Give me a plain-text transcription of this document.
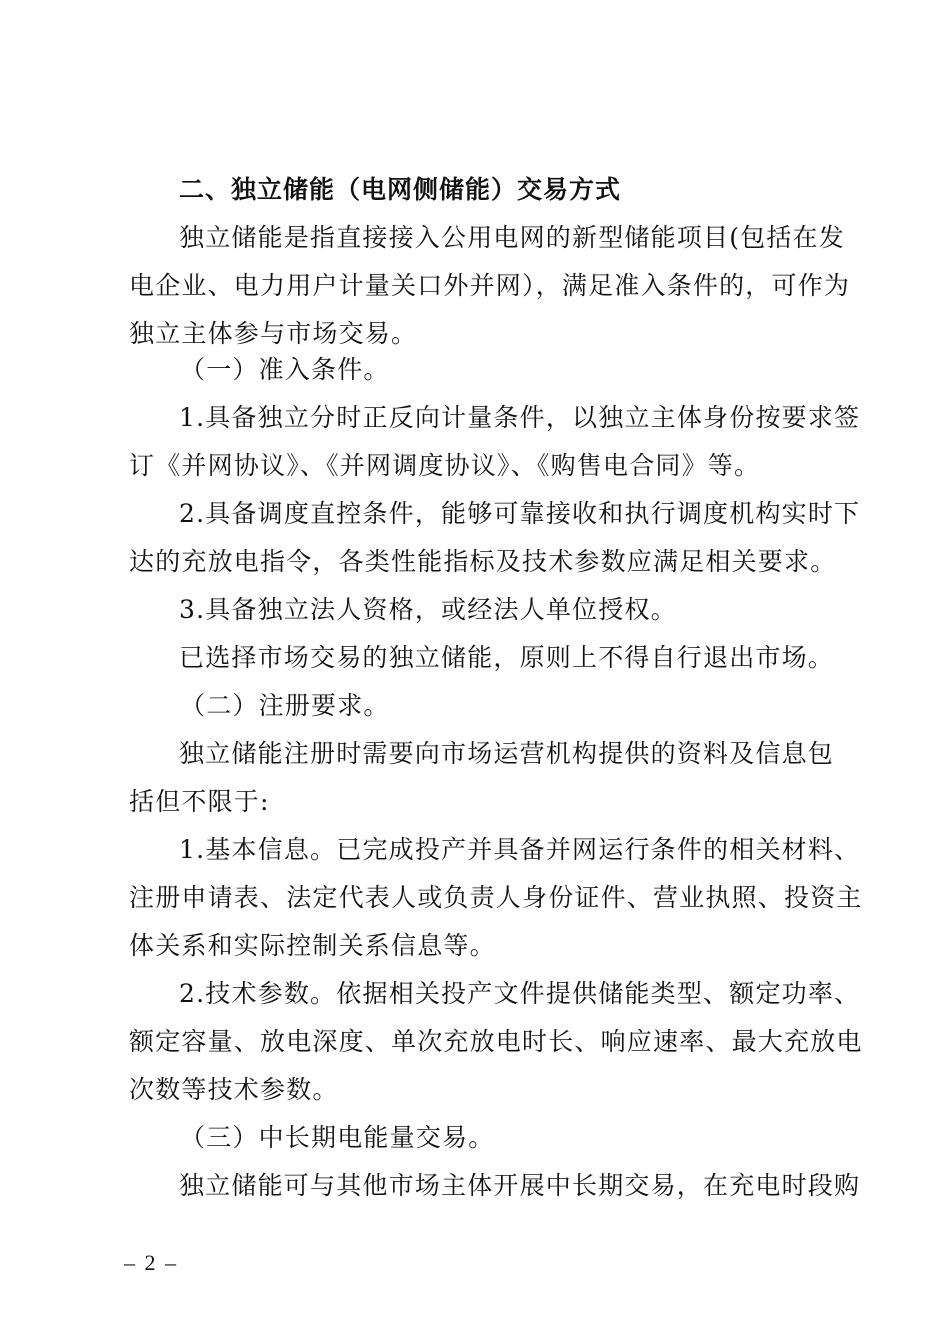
二、独立储能（电网侧储能）交易方式
独立储能是指直接接入公用电网的新型储能项目(包括在发
电企业、电力用户计量关口外并网），满足准入条件的，可作为
独立主体参与市场交易。
（一）准入条件。
1.具备独立分时正反向计量条件，以独立主体身份按要求签
订《并网协议》、《并网调度协议》、《购售电合同》等。
2.具备调度直控条件，能够可靠接收和执行调度机构实时下
达的充放电指令，各类性能指标及技术参数应满足相关要求。
3.具备独立法人资格，或经法人单位授权。
已选择市场交易的独立储能，原则上不得自行退出市场。
（二）注册要求。
独立储能注册时需要向市场运营机构提供的资料及信息包
括但不限于:
1.基本信息。已完成投产并具备并网运行条件的相关材料、
注册申请表、法定代表人或负责人身份证件、营业执照、投资主
体关系和实际控制关系信息等。
2.技术参数。依据相关投产文件提供储能类型、额定功率、
额定容量、放电深度、单次充放电时长、响应速率、最大充放电
次数等技术参数。
（三）中长期电能量交易。
独立储能可与其他市场主体开展中长期交易，在充电时段购
– 2 –
